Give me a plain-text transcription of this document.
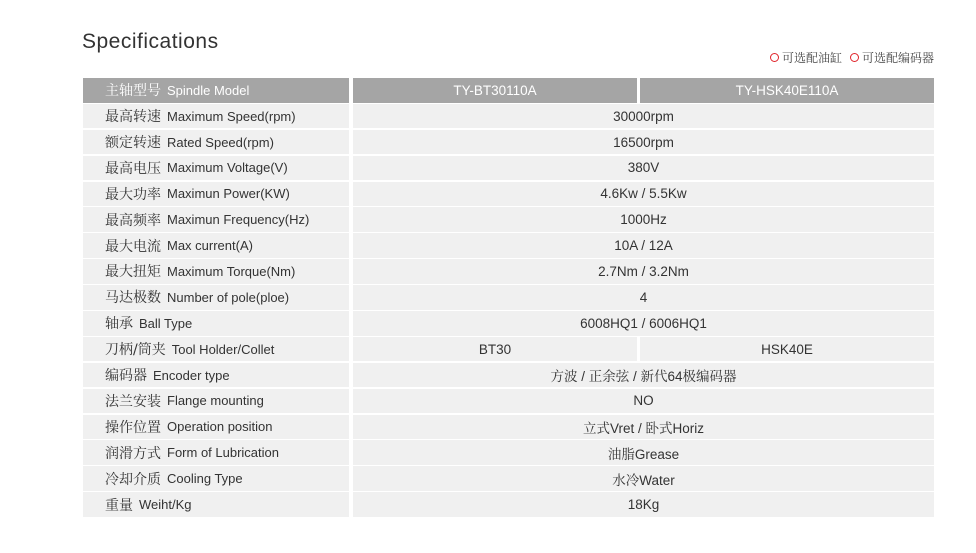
Specifications
可选配油缸 可选配编码器
主轴型号 Spindle Model	TY-BT30110A	TY-HSK40E110A
最高转速 Maximum Speed(rpm)	30000rpm
额定转速 Rated Speed(rpm)	16500rpm
最高电压 Maximum Voltage(V)	380V
最大功率 Maximun Power(KW)	4.6Kw / 5.5Kw
最高频率 Maximun Frequency(Hz)	1000Hz
最大电流 Max current(A)	10A / 12A
最大扭矩 Maximum Torque(Nm)	2.7Nm / 3.2Nm
马达极数 Number of pole(ploe)	4
轴承 Ball Type	6008HQ1 / 6006HQ1
刀柄/筒夹 Tool Holder/Collet	BT30	HSK40E
编码器 Encoder type	方波 / 正余弦 / 新代64极编码器
法兰安装 Flange mounting	NO
操作位置 Operation position	立式Vret / 卧式Horiz
润滑方式 Form of Lubrication	油脂Grease
冷却介质 Cooling Type	水冷Water
重量 Weiht/Kg	18Kg
